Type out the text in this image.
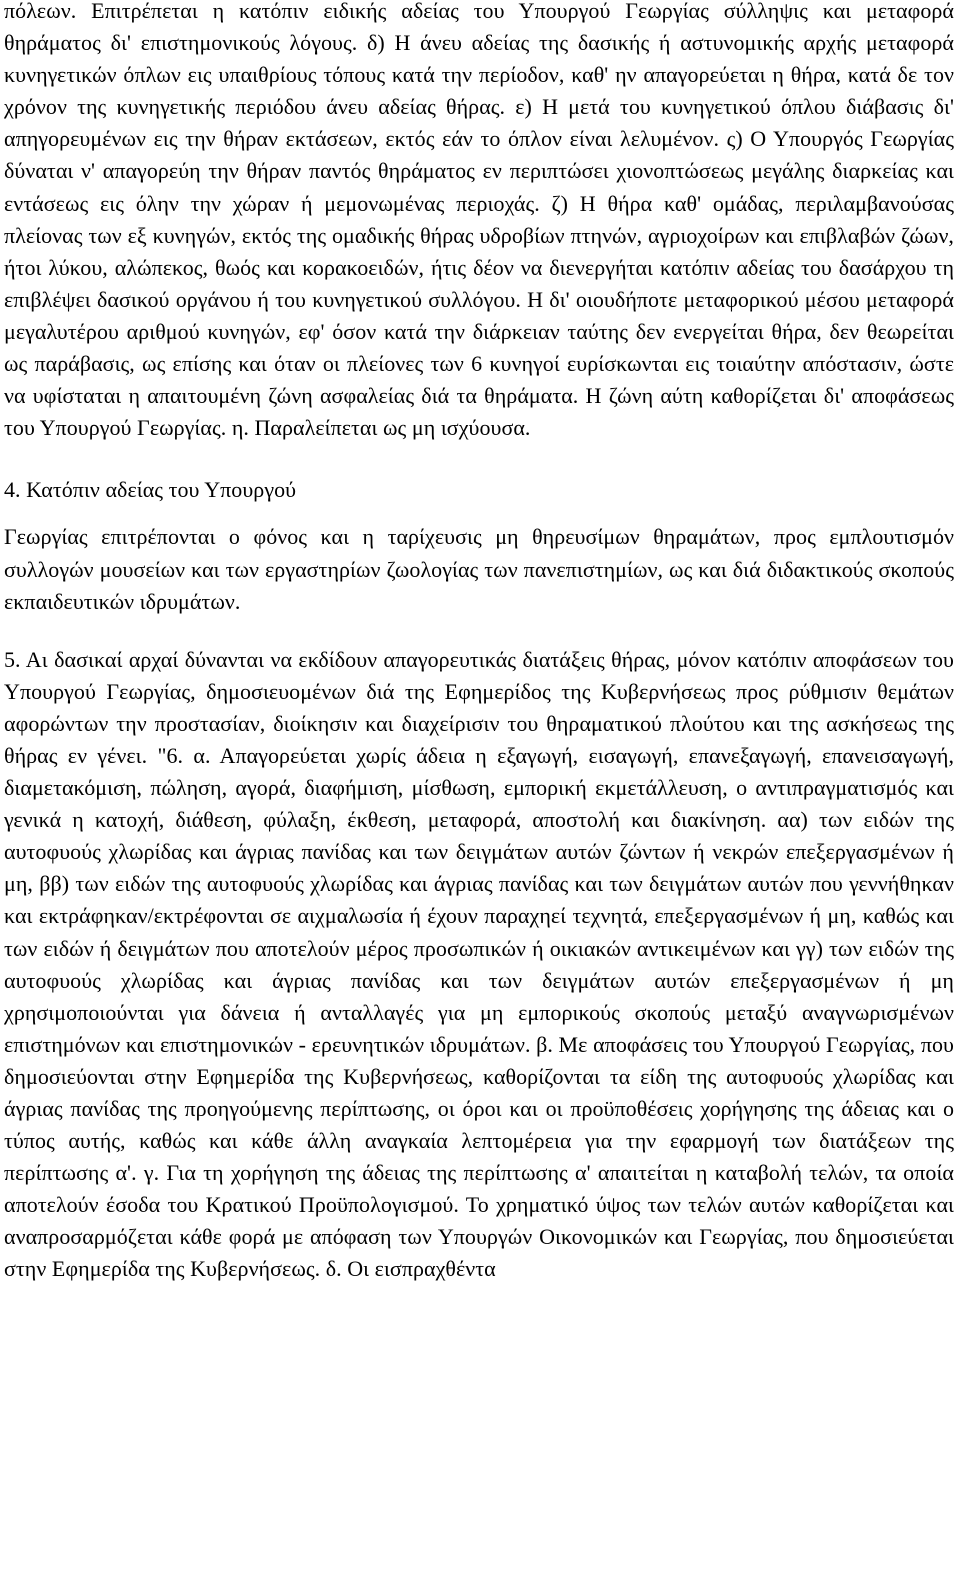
πόλεων. Επιτρέπεται η κατόπιν ειδικής αδείας του Υπουργού Γεωργίας σύλληψις και μεταφορά θηράματος δι' επιστημονικούς λόγους. δ) Η άνευ αδείας της δασικής ή αστυνομικής αρχής μεταφορά κυνηγετικών όπλων εις υπαιθρίους τόπους κατά την περίοδον, καθ' ην απαγορεύεται η θήρα, κατά δε τον χρόνον της κυνηγετικής περιόδου άνευ αδείας θήρας. ε) Η μετά του κυνηγετικού όπλου διάβασις δι' απηγορευμένων εις την θήραν εκτάσεων, εκτός εάν το όπλον είναι λελυμένον. ς) Ο Υπουργός Γεωργίας δύναται ν' απαγορεύη την θήραν παντός θηράματος εν περιπτώσει χιονοπτώσεως μεγάλης διαρκείας και εντάσεως εις όλην την χώραν ή μεμονωμένας περιοχάς. ζ) Η θήρα καθ' ομάδας, περιλαμβανούσας πλείονας των εξ κυνηγών, εκτός της ομαδικής θήρας υδροβίων πτηνών, αγριοχοίρων και επιβλαβών ζώων, ήτοι λύκου, αλώπεκος, θωός και κορακοειδών, ήτις δέον να διενεργήται κατόπιν αδείας του δασάρχου τη επιβλέψει δασικού οργάνου ή του κυνηγετικού συλλόγου. Η δι' οιουδήποτε μεταφορικού μέσου μεταφορά μεγαλυτέρου αριθμού κυνηγών, εφ' όσον κατά την διάρκειαν ταύτης δεν ενεργείται θήρα, δεν θεωρείται ως παράβασις, ως επίσης και όταν οι πλείονες των 6 κυνηγοί ευρίσκωνται εις τοιαύτην απόστασιν, ώστε να υφίσταται η απαιτουμένη ζώνη ασφαλείας διά τα θηράματα. Η ζώνη αύτη καθορίζεται δι' αποφάσεως του Υπουργού Γεωργίας. η. Παραλείπεται ως μη ισχύουσα.

4. Κατόπιν αδείας του Υπουργού

Γεωργίας επιτρέπονται ο φόνος και η ταρίχευσις μη θηρευσίμων θηραμάτων, προς εμπλουτισμόν συλλογών μουσείων και των εργαστηρίων ζωολογίας των πανεπιστημίων, ως και διά διδακτικούς σκοπούς εκπαιδευτικών ιδρυμάτων.

5. Αι δασικαί αρχαί δύνανται να εκδίδουν απαγορευτικάς διατάξεις θήρας, μόνον κατόπιν αποφάσεων του Υπουργού Γεωργίας, δημοσιευομένων διά της Εφημερίδος της Κυβερνήσεως προς ρύθμισιν θεμάτων αφορώντων την προστασίαν, διοίκησιν και διαχείρισιν του θηραματικού πλούτου και της ασκήσεως της θήρας εν γένει. "6. α. Απαγορεύεται χωρίς άδεια η εξαγωγή, εισαγωγή, επανεξαγωγή, επανεισαγωγή, διαμετακόμιση, πώληση, αγορά, διαφήμιση, μίσθωση, εμπορική εκμετάλλευση, ο αντιπραγματισμός και γενικά η κατοχή, διάθεση, φύλαξη, έκθεση, μεταφορά, αποστολή και διακίνηση. αα) των ειδών της αυτοφυούς χλωρίδας και άγριας πανίδας και των δειγμάτων αυτών ζώντων ή νεκρών επεξεργασμένων ή μη, ββ) των ειδών της αυτοφυούς χλωρίδας και άγριας πανίδας και των δειγμάτων αυτών που γεννήθηκαν και εκτράφηκαν/εκτρέφονται σε αιχμαλωσία ή έχουν παραχηεί τεχνητά, επεξεργασμένων ή μη, καθώς και των ειδών ή δειγμάτων που αποτελούν μέρος προσωπικών ή οικιακών αντικειμένων και γγ) των ειδών της αυτοφυούς χλωρίδας και άγριας πανίδας και των δειγμάτων αυτών επεξεργασμένων ή μη χρησιμοποιούνται για δάνεια ή ανταλλαγές για μη εμπορικούς σκοπούς μεταξύ αναγνωρισμένων επιστημόνων και επιστημονικών - ερευνητικών ιδρυμάτων. β. Με αποφάσεις του Υπουργού Γεωργίας, που δημοσιεύονται στην Εφημερίδα της Κυβερνήσεως, καθορίζονται τα είδη της αυτοφυούς χλωρίδας και άγριας πανίδας της προηγούμενης περίπτωσης, οι όροι και οι προϋποθέσεις χορήγησης της άδειας και ο τύπος αυτής, καθώς και κάθε άλλη αναγκαία λεπτομέρεια για την εφαρμογή των διατάξεων της περίπτωσης α'. γ. Για τη χορήγηση της άδειας της περίπτωσης α' απαιτείται η καταβολή τελών, τα οποία αποτελούν έσοδα του Κρατικού Προϋπολογισμού. Το χρηματικό ύψος των τελών αυτών καθορίζεται και αναπροσαρμόζεται κάθε φορά με απόφαση των Υπουργών Οικονομικών και Γεωργίας, που δημοσιεύεται στην Εφημερίδα της Κυβερνήσεως. δ. Οι εισπραχθέντα
